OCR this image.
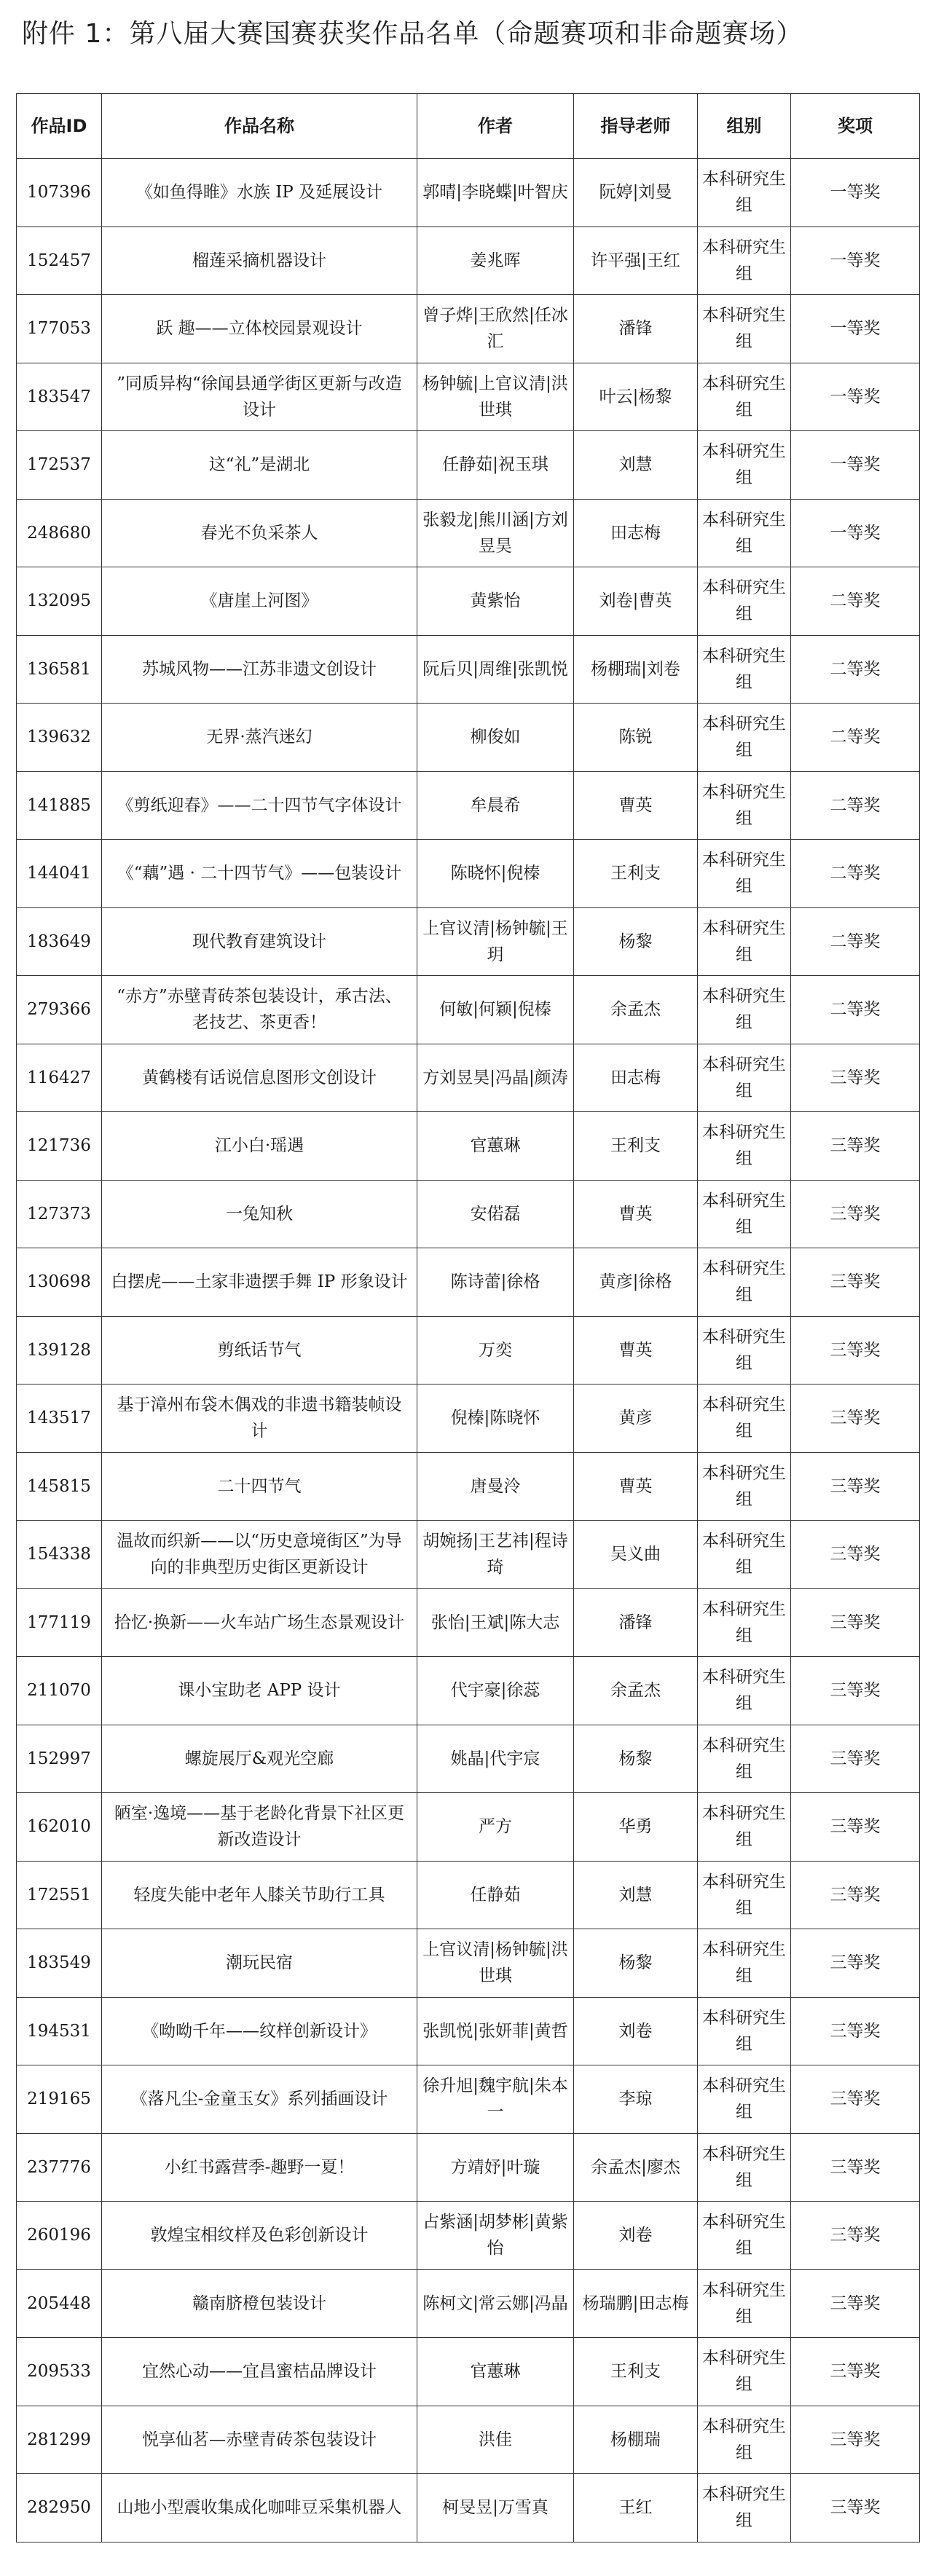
附件 1：第八届大赛国赛获奖作品名单（命题赛项和非命题赛场）
作品ID	作品名称	作者	指导老师	组别	奖项
107396	《如鱼得睢》水族 IP 及延展设计	郭晴|李晓蝶|叶智庆	阮婷|刘曼	本科研究生组	一等奖
152457	榴莲采摘机器设计	姜兆晖	许平强|王红	本科研究生组	一等奖
177053	跃 趣——立体校园景观设计	曾子烨|王欣然|任冰汇	潘锋	本科研究生组	一等奖
183547	”同质异构“徐闻县通学街区更新与改造设计	杨钟毓|上官议清|洪世琪	叶云|杨黎	本科研究生组	一等奖
172537	这“礼”是湖北	任静茹|祝玉琪	刘慧	本科研究生组	一等奖
248680	春光不负采茶人	张毅龙|熊川涵|方刘昱昊	田志梅	本科研究生组	一等奖
132095	《唐崖上河图》	黄紫怡	刘卷|曹英	本科研究生组	二等奖
136581	苏城风物——江苏非遗文创设计	阮后贝|周维|张凯悦	杨棚瑞|刘卷	本科研究生组	二等奖
139632	无界·蒸汽迷幻	柳俊如	陈锐	本科研究生组	二等奖
141885	《剪纸迎春》——二十四节气字体设计	牟晨希	曹英	本科研究生组	二等奖
144041	《“藕”遇 · 二十四节气》——包装设计	陈晓怀|倪榛	王利支	本科研究生组	二等奖
183649	现代教育建筑设计	上官议清|杨钟毓|王玥	杨黎	本科研究生组	二等奖
279366	“赤方”赤壁青砖茶包装设计，承古法、老技艺、茶更香！	何敏|何颖|倪榛	余孟杰	本科研究生组	二等奖
116427	黄鹤楼有话说信息图形文创设计	方刘昱昊|冯晶|颜涛	田志梅	本科研究生组	三等奖
121736	江小白·瑶遇	官蕙琳	王利支	本科研究生组	三等奖
127373	一兔知秋	安偌磊	曹英	本科研究生组	三等奖
130698	白摆虎——土家非遗摆手舞 IP 形象设计	陈诗蕾|徐格	黄彦|徐格	本科研究生组	三等奖
139128	剪纸话节气	万奕	曹英	本科研究生组	三等奖
143517	基于漳州布袋木偶戏的非遗书籍装帧设计	倪榛|陈晓怀	黄彦	本科研究生组	三等奖
145815	二十四节气	唐曼泠	曹英	本科研究生组	三等奖
154338	温故而织新——以“历史意境街区”为导向的非典型历史街区更新设计	胡婉扬|王艺祎|程诗琦	吴义曲	本科研究生组	三等奖
177119	拾忆·换新——火车站广场生态景观设计	张怡|王斌|陈大志	潘锋	本科研究生组	三等奖
211070	课小宝助老 APP 设计	代宇豪|徐蕊	余孟杰	本科研究生组	三等奖
152997	螺旋展厅&观光空廊	姚晶|代宇宸	杨黎	本科研究生组	三等奖
162010	陋室·逸境——基于老龄化背景下社区更新改造设计	严方	华勇	本科研究生组	三等奖
172551	轻度失能中老年人膝关节助行工具	任静茹	刘慧	本科研究生组	三等奖
183549	潮玩民宿	上官议清|杨钟毓|洪世琪	杨黎	本科研究生组	三等奖
194531	《呦呦千年——纹样创新设计》	张凯悦|张妍菲|黄哲	刘卷	本科研究生组	三等奖
219165	《落凡尘-金童玉女》系列插画设计	徐升旭|魏宇航|朱本一	李琼	本科研究生组	三等奖
237776	小红书露营季-趣野一夏！	方靖妤|叶璇	余孟杰|廖杰	本科研究生组	三等奖
260196	敦煌宝相纹样及色彩创新设计	占紫涵|胡梦彬|黄紫怡	刘卷	本科研究生组	三等奖
205448	赣南脐橙包装设计	陈柯文|常云娜|冯晶	杨瑞鹏|田志梅	本科研究生组	三等奖
209533	宜然心动——宜昌蜜桔品牌设计	官蕙琳	王利支	本科研究生组	三等奖
281299	悦享仙茗—赤壁青砖茶包装设计	洪佳	杨棚瑞	本科研究生组	三等奖
282950	山地小型震收集成化咖啡豆采集机器人	柯旻昱|万雪真	王红	本科研究生组	三等奖
